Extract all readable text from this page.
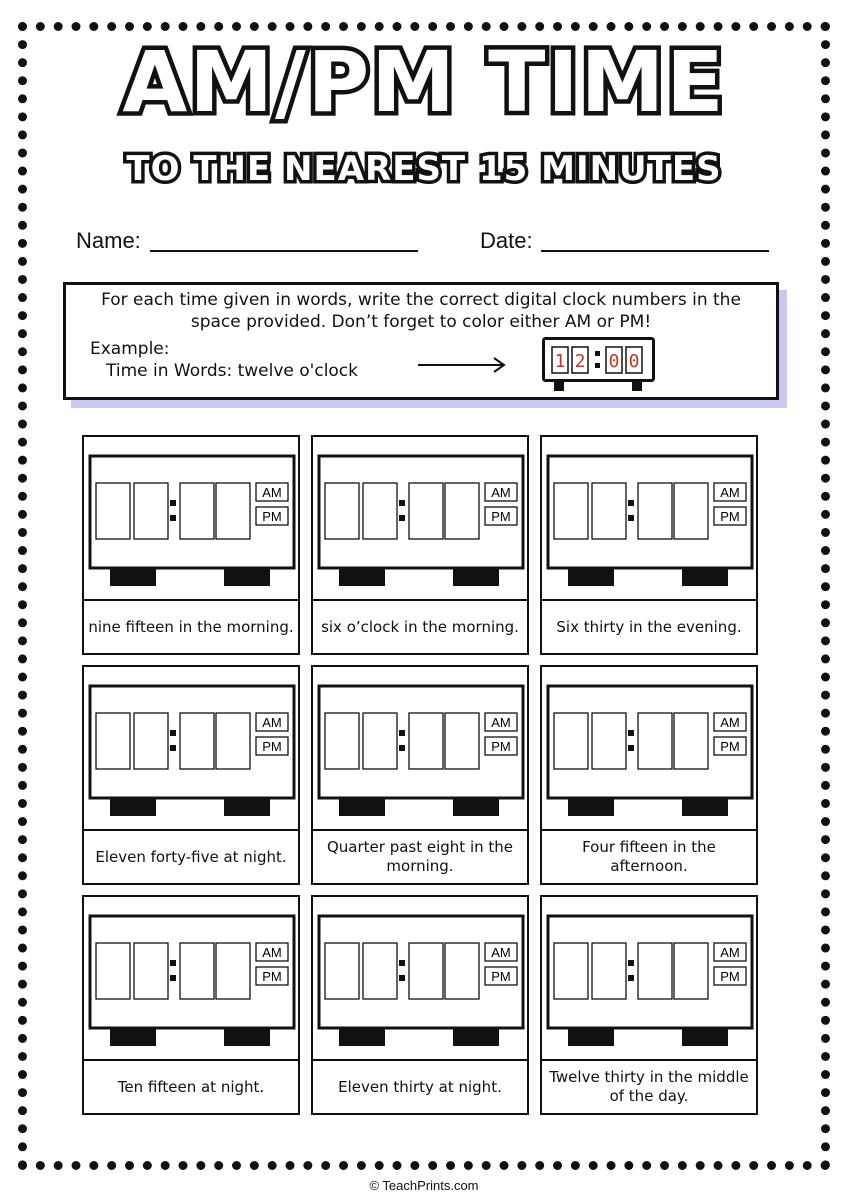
AM/PM TIME
TO THE NEAREST 15 MINUTES
Name:	Date:
For each time given in words, write the correct digital clock numbers in the space provided. Don’t forget to color either AM or PM!
Example:
Time in Words: twelve o'clock	1 2 0 0
AM
PM
nine fifteen in the morning.
AM
PM
six o’clock in the morning.
AM
PM
Six thirty in the evening.
AM
PM
Eleven forty-five at night.
AM
PM
Quarter past eight in the morning.
AM
PM
Four fifteen in the afternoon.
AM
PM
Ten fifteen at night.
AM
PM
Eleven thirty at night.
AM
PM
Twelve thirty in the middle of the day.
© TeachPrints.com
